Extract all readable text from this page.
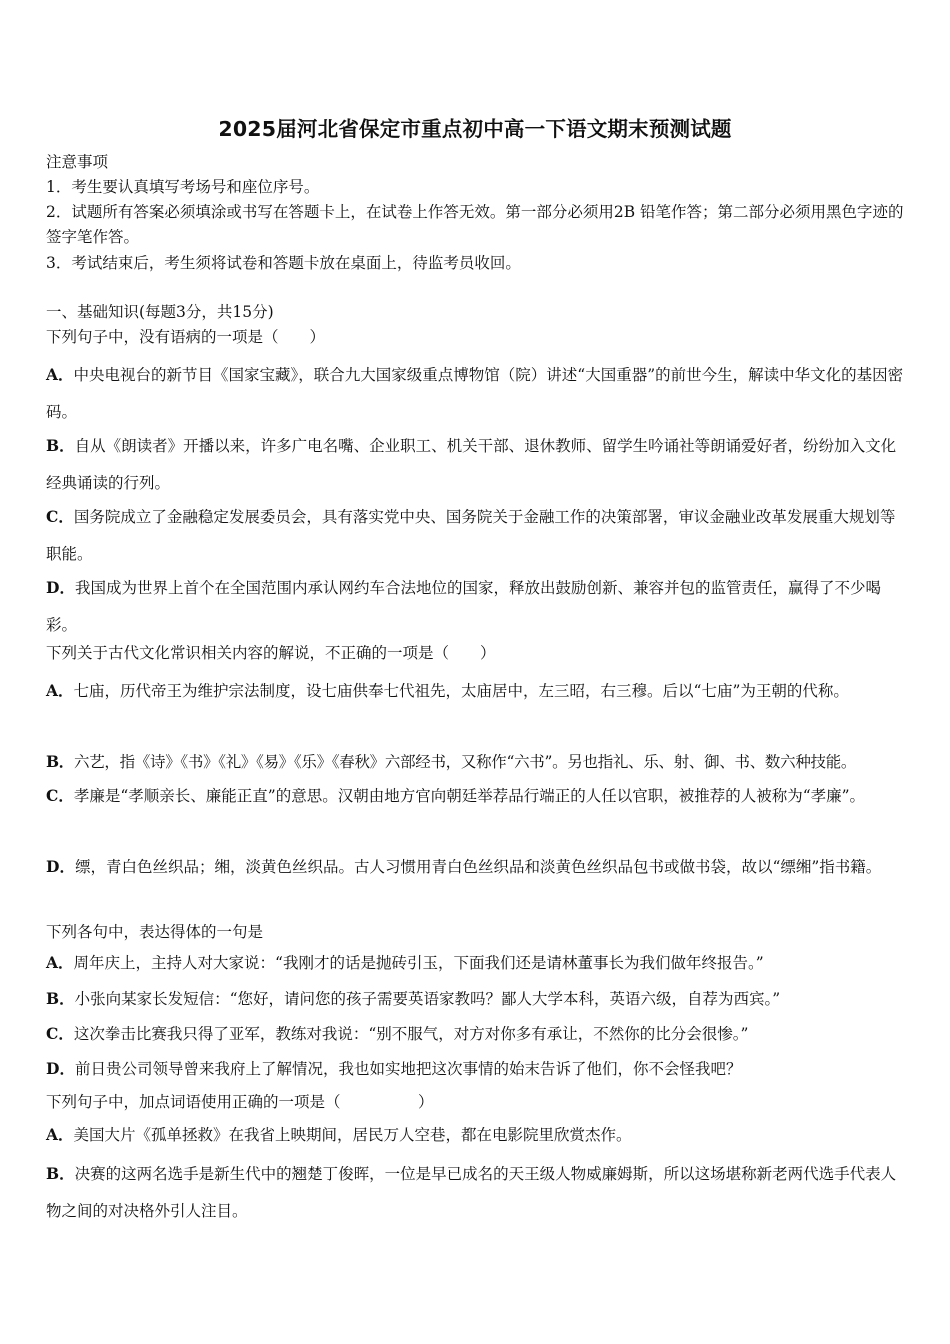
2025届河北省保定市重点初中高一下语文期末预测试题
注意事项
1．考生要认真填写考场号和座位序号。
2．试题所有答案必须填涂或书写在答题卡上，在试卷上作答无效。第一部分必须用2B 铅笔作答；第二部分必须用黑色字迹的签字笔作答。
3．考试结束后，考生须将试卷和答题卡放在桌面上，待监考员收回。
一、基础知识(每题3分，共15分)
下列句子中，没有语病的一项是（　　）
A．中央电视台的新节目《国家宝藏》，联合九大国家级重点博物馆（院）讲述“大国重器”的前世今生，解读中华文化的基因密码。
B．自从《朗读者》开播以来，许多广电名嘴、企业职工、机关干部、退休教师、留学生吟诵社等朗诵爱好者，纷纷加入文化经典诵读的行列。
C．国务院成立了金融稳定发展委员会，具有落实党中央、国务院关于金融工作的决策部署，审议金融业改革发展重大规划等职能。
D．我国成为世界上首个在全国范围内承认网约车合法地位的国家，释放出鼓励创新、兼容并包的监管责任，赢得了不少喝彩。
下列关于古代文化常识相关内容的解说，不正确的一项是（　　）
A．七庙，历代帝王为维护宗法制度，设七庙供奉七代祖先，太庙居中，左三昭，右三穆。后以“七庙”为王朝的代称。
B．六艺，指《诗》《书》《礼》《易》《乐》《春秋》六部经书，又称作“六书”。另也指礼、乐、射、御、书、数六种技能。
C．孝廉是“孝顺亲长、廉能正直”的意思。汉朝由地方官向朝廷举荐品行端正的人任以官职，被推荐的人被称为“孝廉”。
D．缥，青白色丝织品；缃，淡黄色丝织品。古人习惯用青白色丝织品和淡黄色丝织品包书或做书袋，故以“缥缃”指书籍。
下列各句中，表达得体的一句是
A．周年庆上，主持人对大家说：“我刚才的话是抛砖引玉，下面我们还是请林董事长为我们做年终报告。”
B．小张向某家长发短信：“您好，请问您的孩子需要英语家教吗？鄙人大学本科，英语六级，自荐为西宾。”
C．这次拳击比赛我只得了亚军，教练对我说：“别不服气，对方对你多有承让，不然你的比分会很惨。”
D．前日贵公司领导曾来我府上了解情况，我也如实地把这次事情的始末告诉了他们，你不会怪我吧？
下列句子中，加点词语使用正确的一项是（　　　　　）
A．美国大片《孤单拯救》在我省上映期间，居民万人空巷，都在电影院里欣赏杰作。
B．决赛的这两名选手是新生代中的翘楚丁俊晖，一位是早已成名的天王级人物威廉姆斯，所以这场堪称新老两代选手代表人物之间的对决格外引人注目。
